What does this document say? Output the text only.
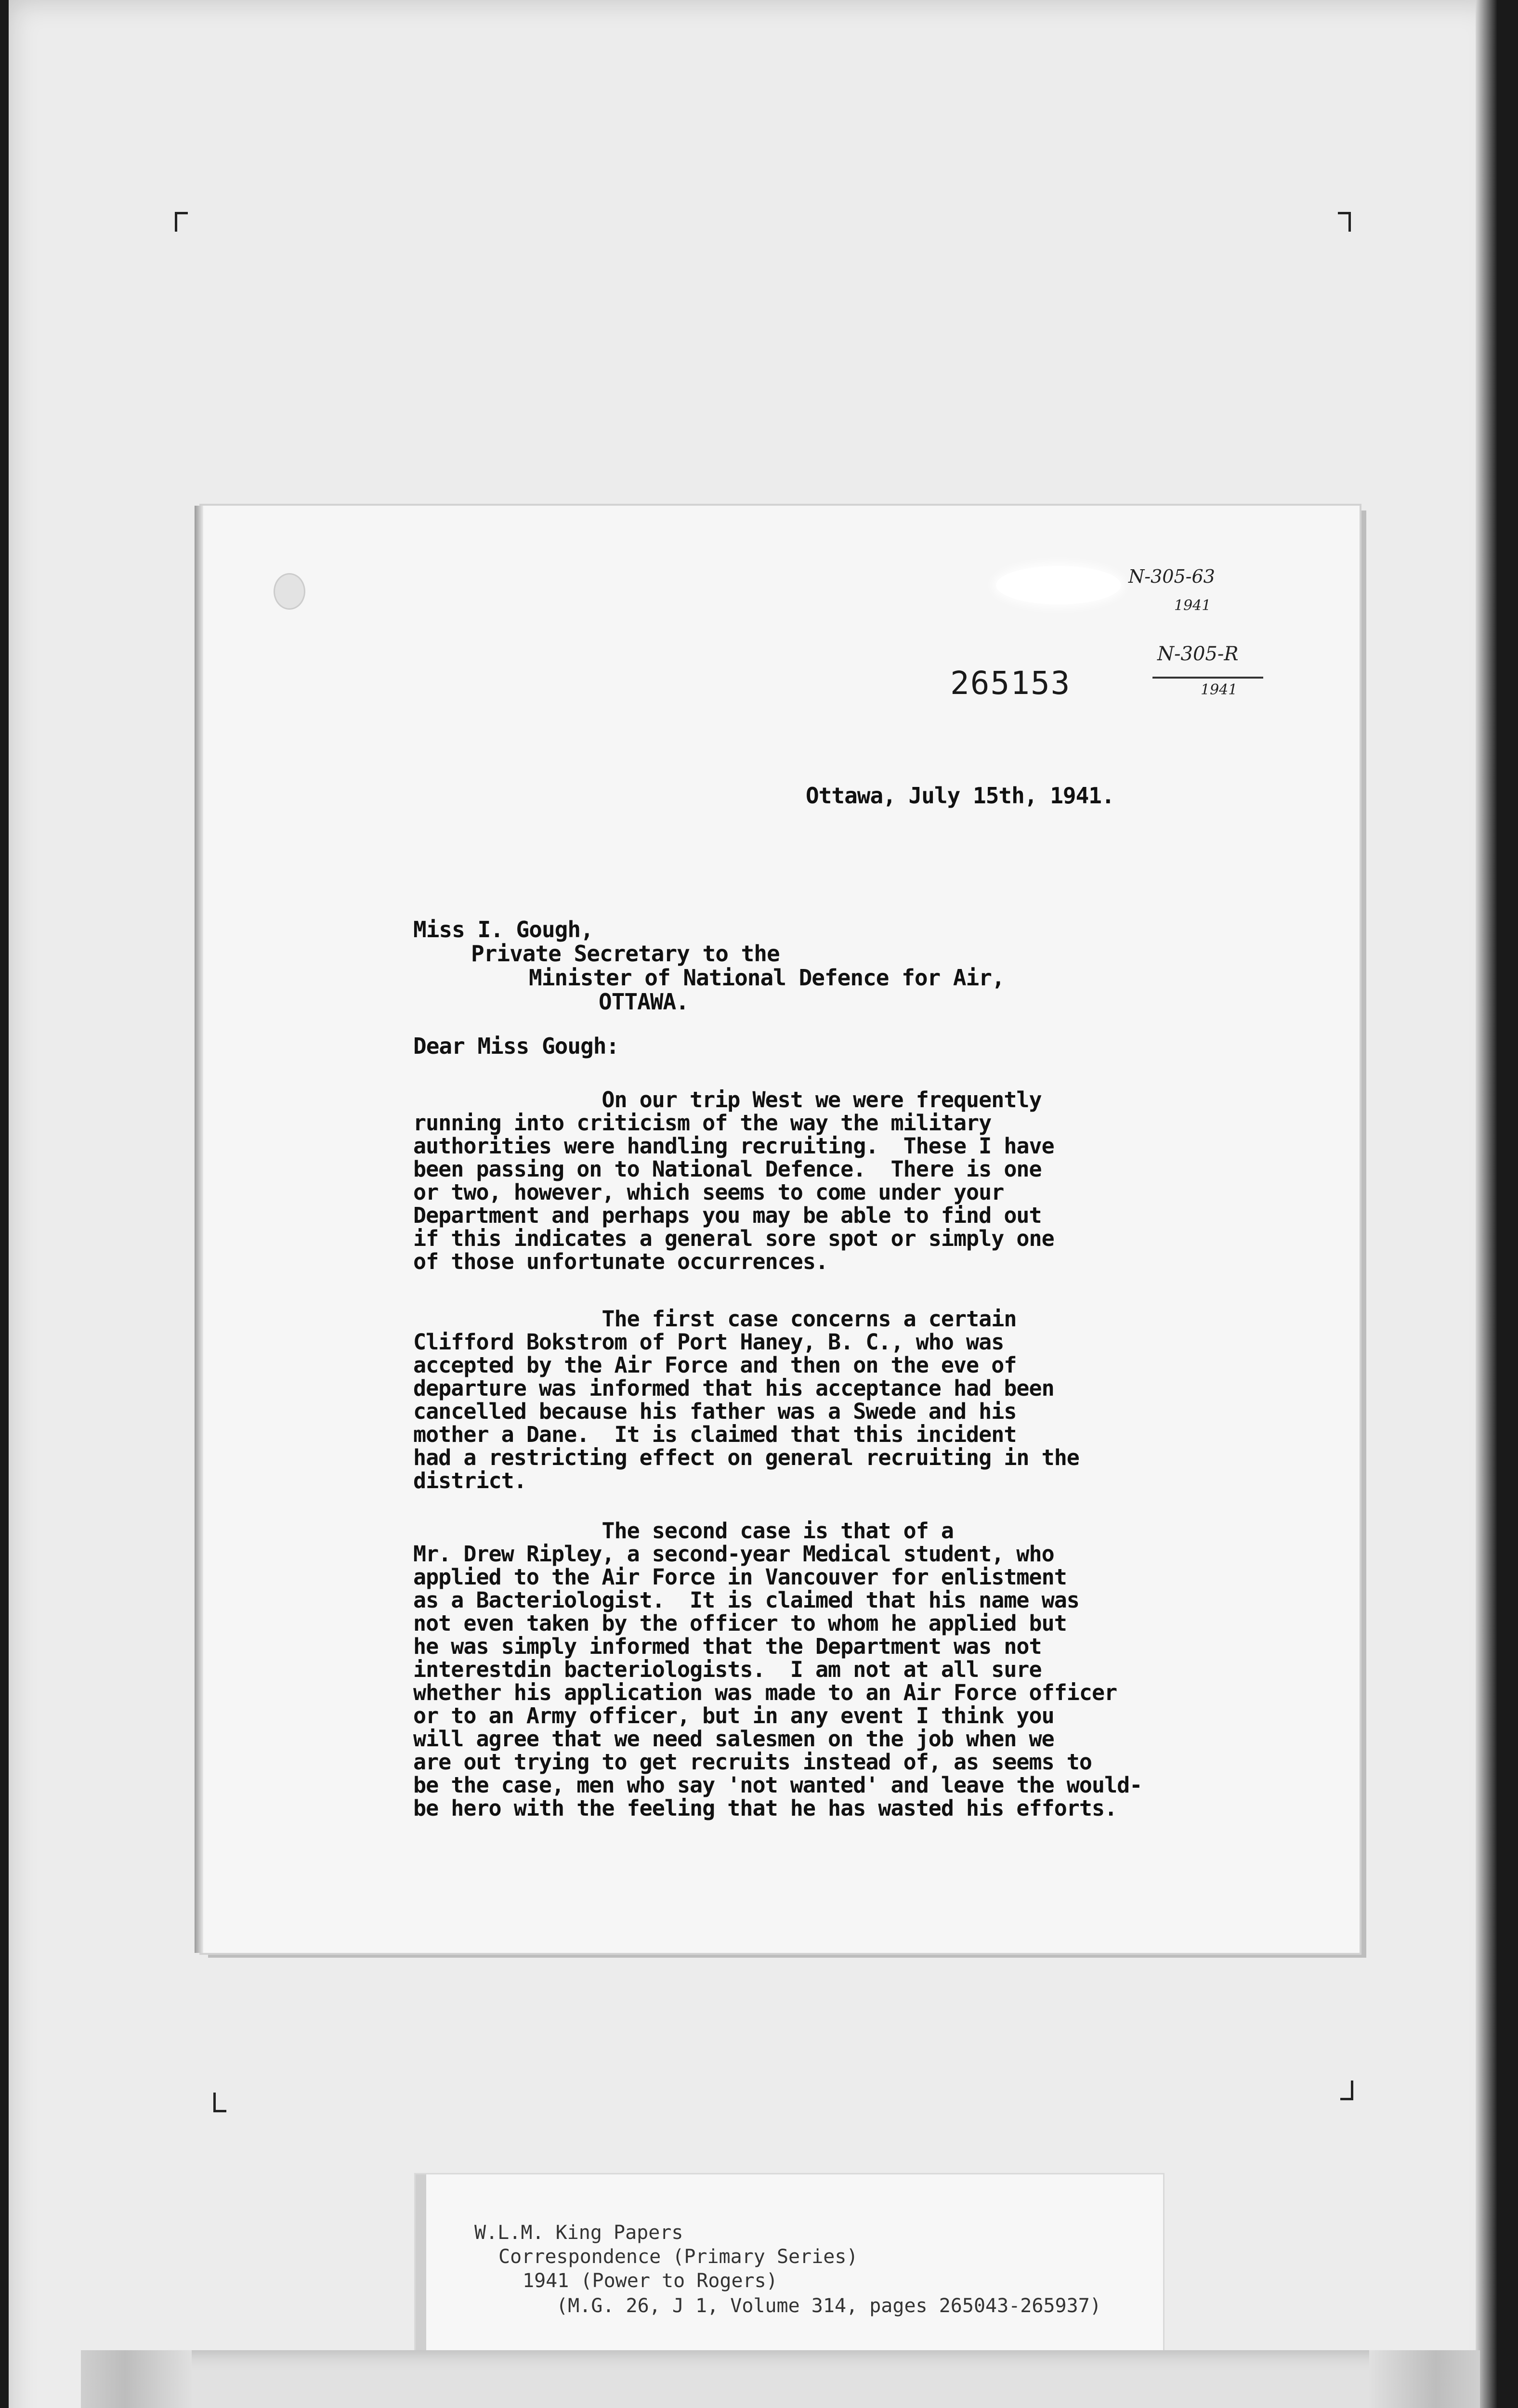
N-305-63
1941
N-305-R
1941
265153
Ottawa, July 15th, 1941.
Miss I. Gough,
Private Secretary to the
Minister of National Defence for Air,
OTTAWA.
Dear Miss Gough:
On our trip West we were frequently
running into criticism of the way the military
authorities were handling recruiting.  These I have
been passing on to National Defence.  There is one
or two, however, which seems to come under your
Department and perhaps you may be able to find out
if this indicates a general sore spot or simply one
of those unfortunate occurrences.
The first case concerns a certain
Clifford Bokstrom of Port Haney, B. C., who was
accepted by the Air Force and then on the eve of
departure was informed that his acceptance had been
cancelled because his father was a Swede and his
mother a Dane.  It is claimed that this incident
had a restricting effect on general recruiting in the
district.
The second case is that of a
Mr. Drew Ripley, a second-year Medical student, who
applied to the Air Force in Vancouver for enlistment
as a Bacteriologist.  It is claimed that his name was
not even taken by the officer to whom he applied but
he was simply informed that the Department was not
interestdin bacteriologists.  I am not at all sure
whether his application was made to an Air Force officer
or to an Army officer, but in any event I think you
will agree that we need salesmen on the job when we
are out trying to get recruits instead of, as seems to
be the case, men who say 'not wanted' and leave the would-
be hero with the feeling that he has wasted his efforts.
W.L.M. King Papers
Correspondence (Primary Series)
1941 (Power to Rogers)
(M.G. 26, J 1, Volume 314, pages 265043-265937)
